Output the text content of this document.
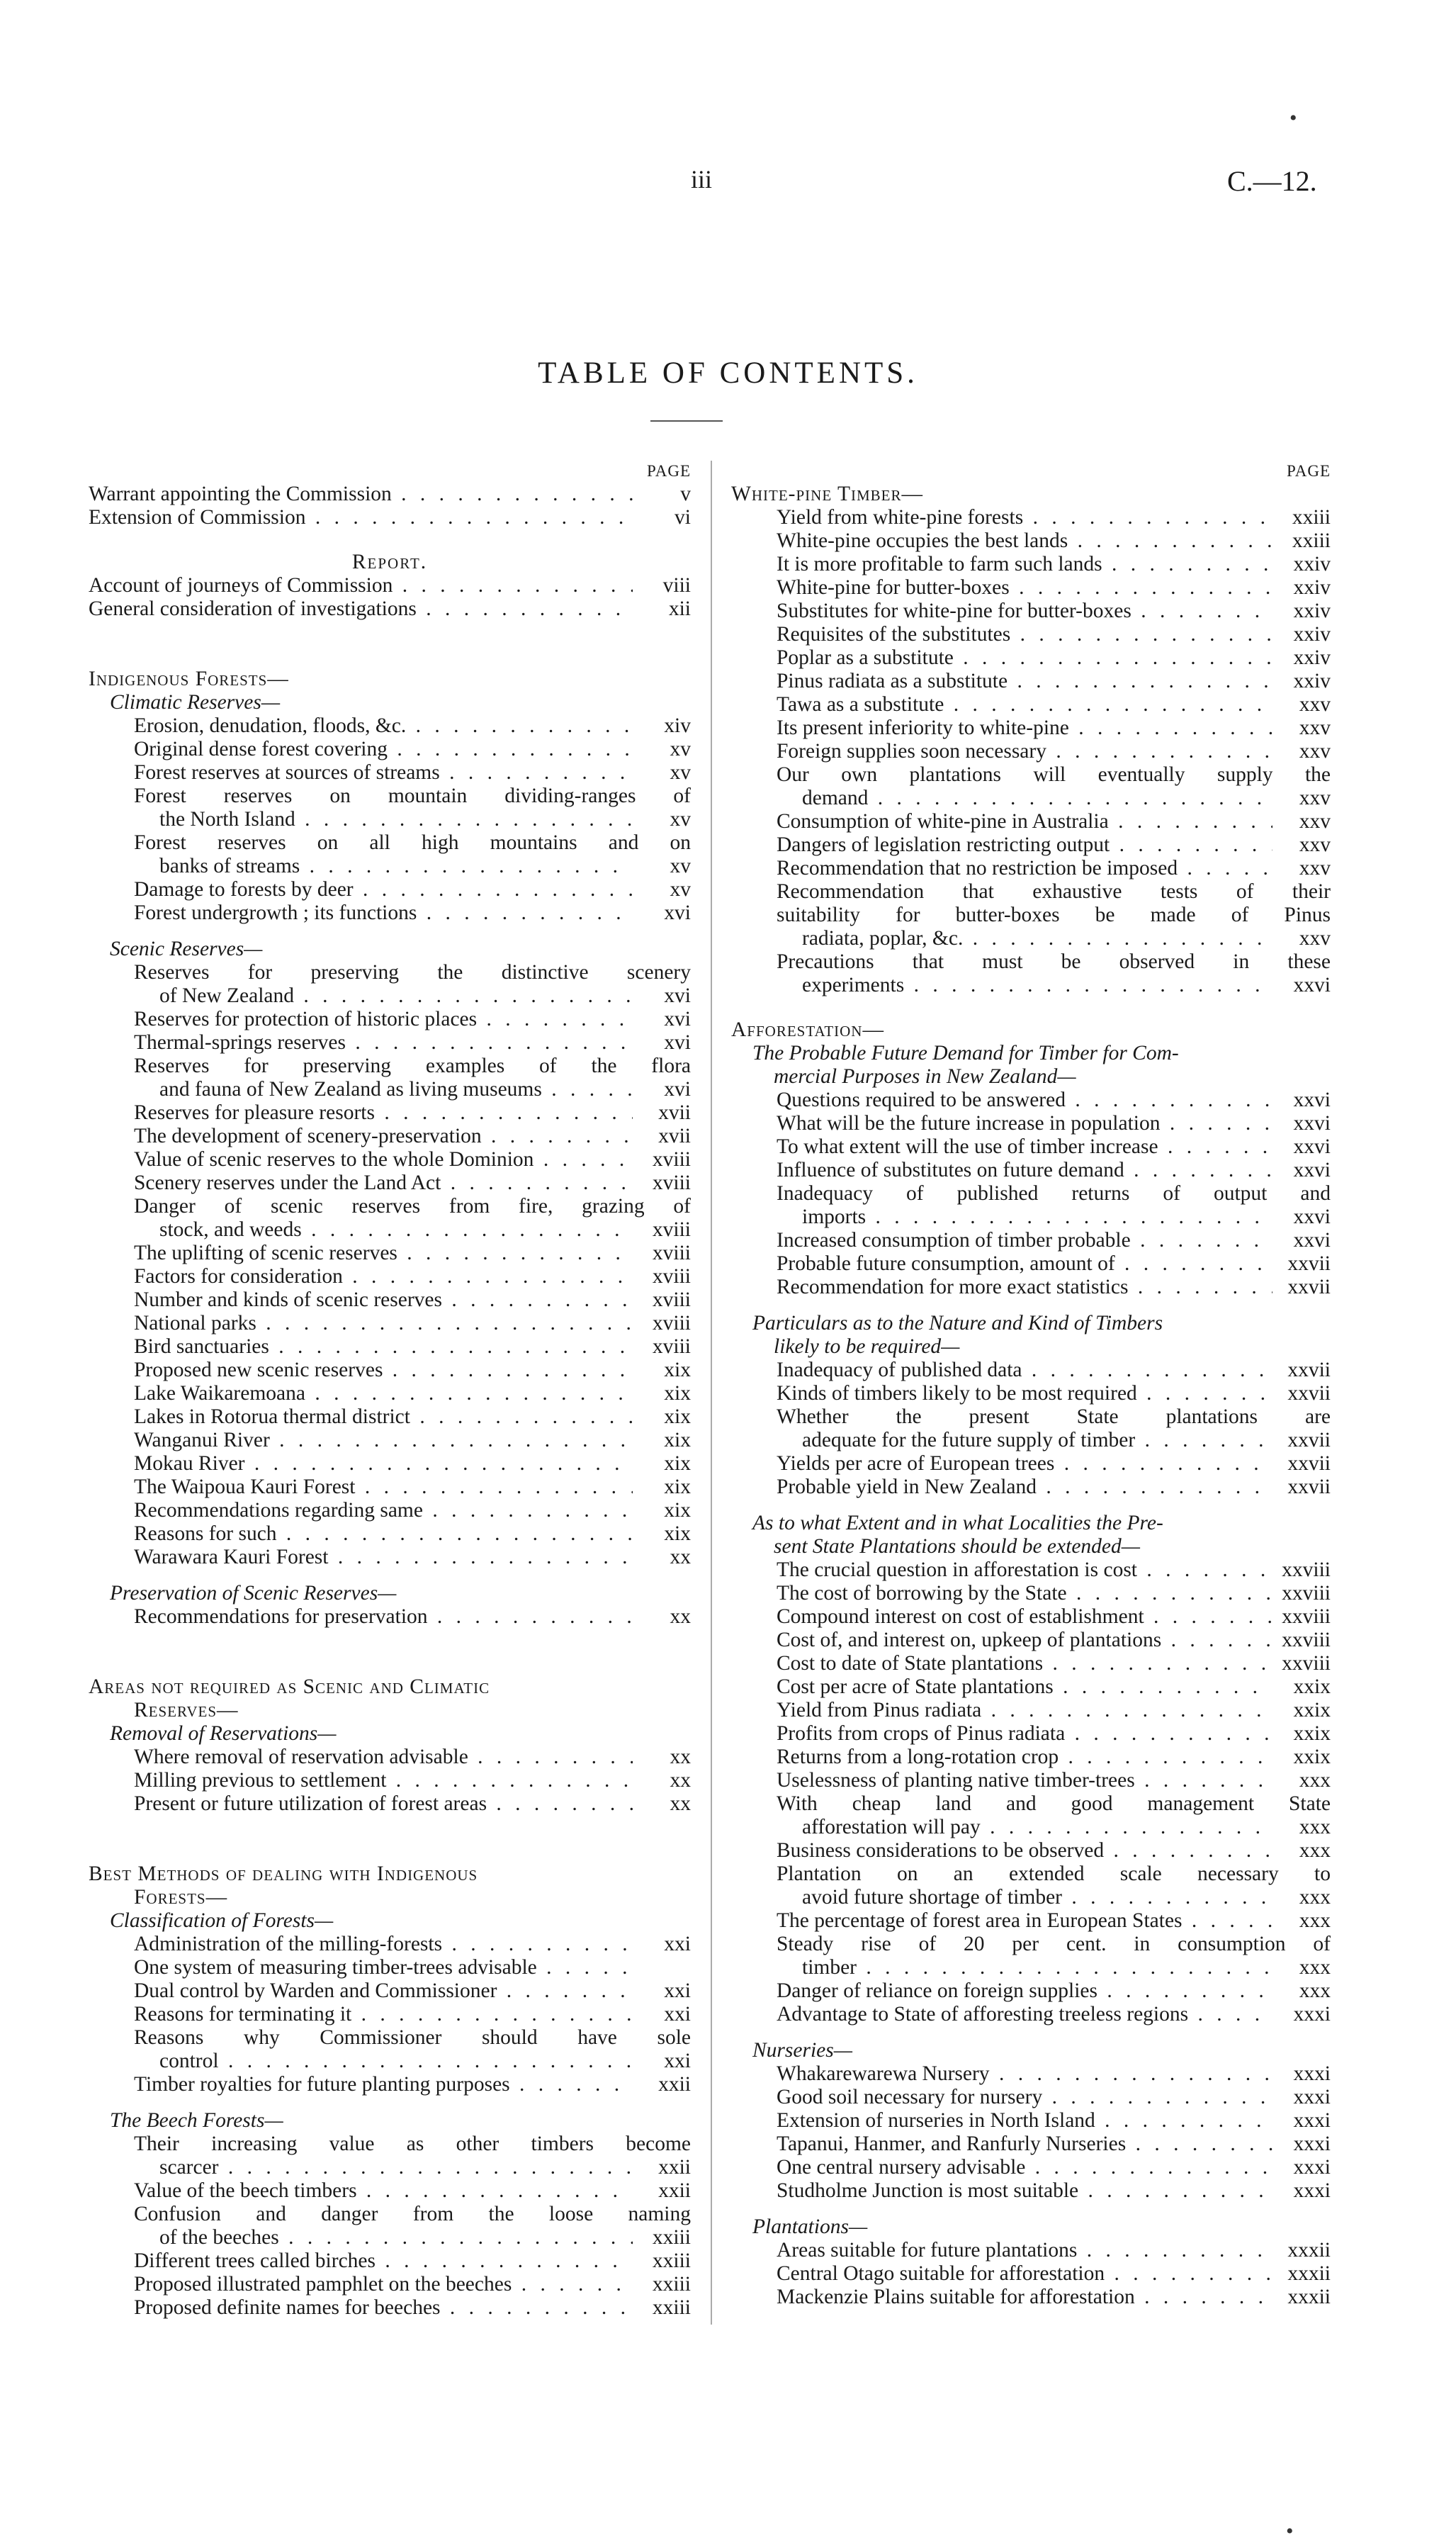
iii	C.—12.
TABLE OF CONTENTS.
•
•
PAGE
Warrant appointing the Commission . .	v
Extension of Commission . .	vi
Report.
Account of journeys of Commission . .	viii
General consideration of investigations . .	xii
Indigenous Forests—
Climatic Reserves—
Erosion, denudation, floods, &c. . .	xiv
Original dense forest covering . .	xv
Forest reserves at sources of streams . .	xv
Forest reserves on mountain dividing-ranges of
the North Island . .	xv
Forest reserves on all high mountains and on
banks of streams . .	xv
Damage to forests by deer . .	xv
Forest undergrowth ; its functions . .	xvi
Scenic Reserves—
Reserves for preserving the distinctive scenery
of New Zealand . .	xvi
Reserves for protection of historic places . .	xvi
Thermal-springs reserves . .	xvi
Reserves for preserving examples of the flora
and fauna of New Zealand as living museums . .	xvi
Reserves for pleasure resorts . .	xvii
The development of scenery-preservation . .	xvii
Value of scenic reserves to the whole Dominion . .	xviii
Scenery reserves under the Land Act . .	xviii
Danger of scenic reserves from fire, grazing of
stock, and weeds . .	xviii
The uplifting of scenic reserves . .	xviii
Factors for consideration . .	xviii
Number and kinds of scenic reserves . .	xviii
National parks . .	xviii
Bird sanctuaries . .	xviii
Proposed new scenic reserves . .	xix
Lake Waikaremoana . .	xix
Lakes in Rotorua thermal district . .	xix
Wanganui River . .	xix
Mokau River . .	xix
The Waipoua Kauri Forest . .	xix
Recommendations regarding same . .	xix
Reasons for such . .	xix
Warawara Kauri Forest . .	xx
Preservation of Scenic Reserves—
Recommendations for preservation . .	xx
Areas not required as Scenic and Climatic
Reserves—
Removal of Reservations—
Where removal of reservation advisable . .	xx
Milling previous to settlement . .	xx
Present or future utilization of forest areas . .	xx
Best Methods of dealing with Indigenous
Forests—
Classification of Forests—
Administration of the milling-forests . .	xxi
One system of measuring timber-trees advisable . .
Dual control by Warden and Commissioner . .	xxi
Reasons for terminating it . .	xxi
Reasons why Commissioner should have sole
control . .	xxi
Timber royalties for future planting purposes . .	xxii
The Beech Forests—
Their increasing value as other timbers become
scarcer . .	xxii
Value of the beech timbers . .	xxii
Confusion and danger from the loose naming
of the beeches . .	xxiii
Different trees called birches . .	xxiii
Proposed illustrated pamphlet on the beeches . .	xxiii
Proposed definite names for beeches . .	xxiii
PAGE
White-pine Timber—
Yield from white-pine forests . .	xxiii
White-pine occupies the best lands . .	xxiii
It is more profitable to farm such lands . .	xxiv
White-pine for butter-boxes . .	xxiv
Substitutes for white-pine for butter-boxes . .	xxiv
Requisites of the substitutes . .	xxiv
Poplar as a substitute . .	xxiv
Pinus radiata as a substitute . .	xxiv
Tawa as a substitute . .	xxv
Its present inferiority to white-pine . .	xxv
Foreign supplies soon necessary . .	xxv
Our own plantations will eventually supply the
demand . .	xxv
Consumption of white-pine in Australia . .	xxv
Dangers of legislation restricting output . .	xxv
Recommendation that no restriction be imposed . .	xxv
Recommendation that exhaustive tests of their
suitability for butter-boxes be made of Pinus
radiata, poplar, &c. . .	xxv
Precautions that must be observed in these
experiments . .	xxvi
Afforestation—
The Probable Future Demand for Timber for Com-
mercial Purposes in New Zealand—
Questions required to be answered . .	xxvi
What will be the future increase in population . .	xxvi
To what extent will the use of timber increase . .	xxvi
Influence of substitutes on future demand . .	xxvi
Inadequacy of published returns of output and
imports . .	xxvi
Increased consumption of timber probable . .	xxvi
Probable future consumption, amount of . .	xxvii
Recommendation for more exact statistics . .	xxvii
Particulars as to the Nature and Kind of Timbers
likely to be required—
Inadequacy of published data . .	xxvii
Kinds of timbers likely to be most required . .	xxvii
Whether the present State plantations are
adequate for the future supply of timber . .	xxvii
Yields per acre of European trees . .	xxvii
Probable yield in New Zealand . .	xxvii
As to what Extent and in what Localities the Pre-
sent State Plantations should be extended—
The crucial question in afforestation is cost . .	xxviii
The cost of borrowing by the State . .	xxviii
Compound interest on cost of establishment . .	xxviii
Cost of, and interest on, upkeep of plantations . .	xxviii
Cost to date of State plantations . .	xxviii
Cost per acre of State plantations . .	xxix
Yield from Pinus radiata . .	xxix
Profits from crops of Pinus radiata . .	xxix
Returns from a long-rotation crop . .	xxix
Uselessness of planting native timber-trees . .	xxx
With cheap land and good management State
afforestation will pay . .	xxx
Business considerations to be observed . .	xxx
Plantation on an extended scale necessary to
avoid future shortage of timber . .	xxx
The percentage of forest area in European States . .	xxx
Steady rise of 20 per cent. in consumption of
timber . .	xxx
Danger of reliance on foreign supplies . .	xxx
Advantage to State of afforesting treeless regions . .	xxxi
Nurseries—
Whakarewarewa Nursery . .	xxxi
Good soil necessary for nursery . .	xxxi
Extension of nurseries in North Island . .	xxxi
Tapanui, Hanmer, and Ranfurly Nurseries . .	xxxi
One central nursery advisable . .	xxxi
Studholme Junction is most suitable . .	xxxi
Plantations—
Areas suitable for future plantations . .	xxxii
Central Otago suitable for afforestation . .	xxxii
Mackenzie Plains suitable for afforestation . .	xxxii
